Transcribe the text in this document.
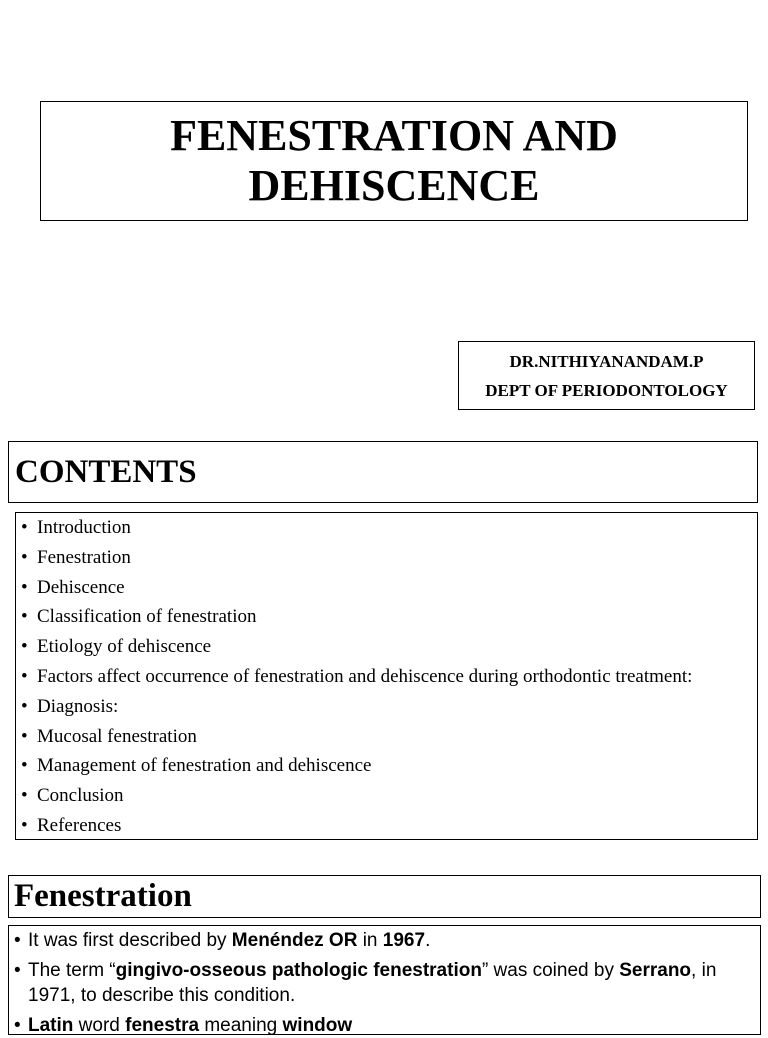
FENESTRATION AND
DEHISCENCE
DR.NITHIYANANDAM.P
DEPT OF PERIODONTOLOGY
CONTENTS
• Introduction
• Fenestration
• Dehiscence
• Classification of fenestration
• Etiology of dehiscence
• Factors affect occurrence of fenestration and dehiscence during orthodontic treatment:
• Diagnosis:
• Mucosal fenestration
• Management of fenestration and dehiscence
• Conclusion
• References
Fenestration
• It was first described by Menéndez OR in 1967.
• The term “gingivo-osseous pathologic fenestration” was coined by Serrano, in 1971, to describe this condition.
• Latin word fenestra meaning window
